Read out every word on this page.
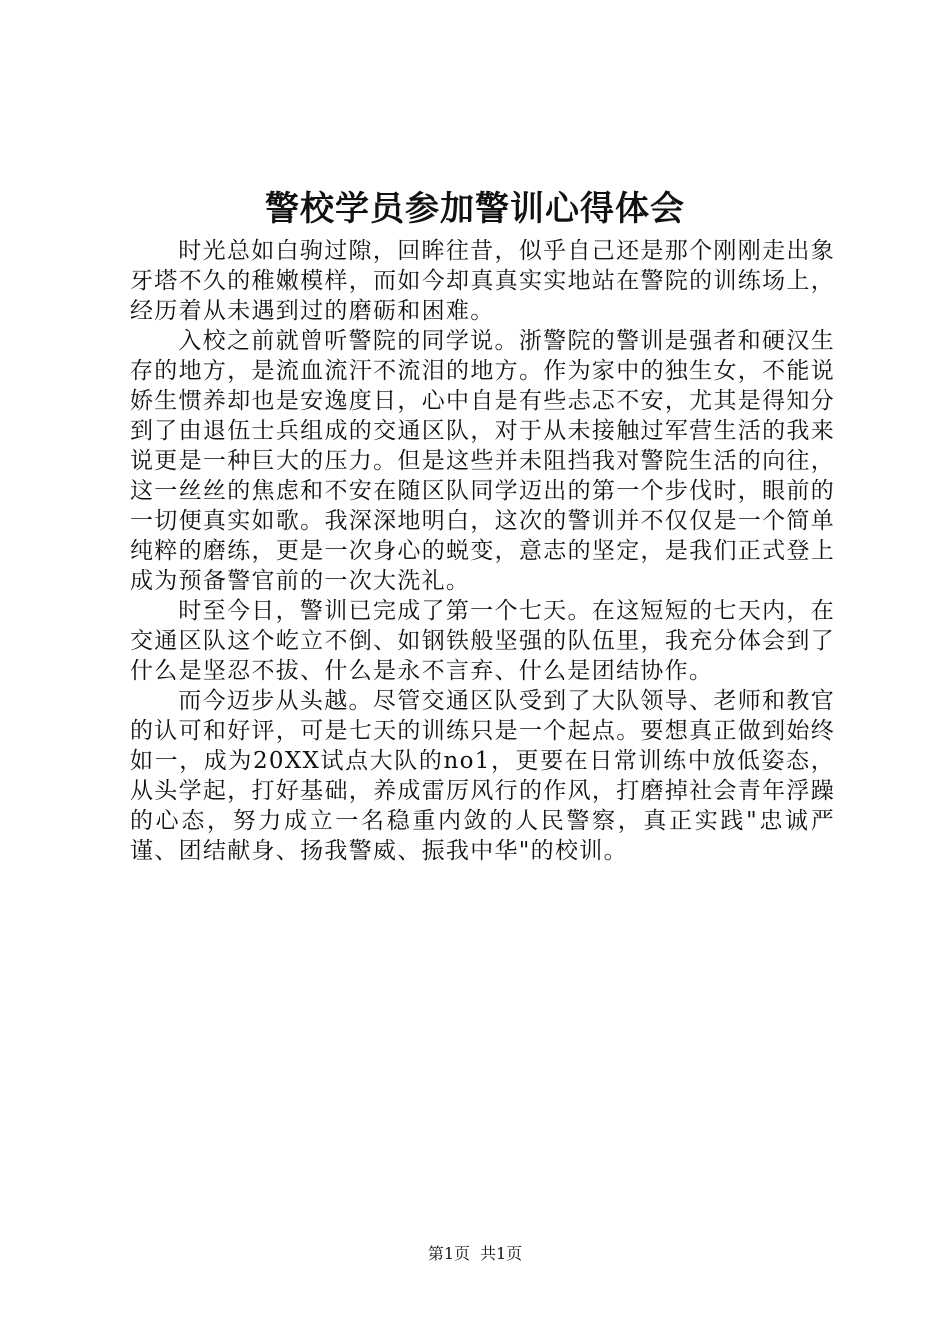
警校学员参加警训心得体会

时光总如白驹过隙，回眸往昔，似乎自己还是那个刚刚走出象牙塔不久的稚嫩模样，而如今却真真实实地站在警院的训练场上，经历着从未遇到过的磨砺和困难。

入校之前就曾听警院的同学说。浙警院的警训是强者和硬汉生存的地方，是流血流汗不流泪的地方。作为家中的独生女，不能说娇生惯养却也是安逸度日，心中自是有些忐忑不安，尤其是得知分到了由退伍士兵组成的交通区队，对于从未接触过军营生活的我来说更是一种巨大的压力。但是这些并未阻挡我对警院生活的向往，这一丝丝的焦虑和不安在随区队同学迈出的第一个步伐时，眼前的一切便真实如歌。我深深地明白，这次的警训并不仅仅是一个简单纯粹的磨练，更是一次身心的蜕变，意志的坚定，是我们正式登上成为预备警官前的一次大洗礼。

时至今日，警训已完成了第一个七天。在这短短的七天内，在交通区队这个屹立不倒、如钢铁般坚强的队伍里，我充分体会到了什么是坚忍不拔、什么是永不言弃、什么是团结协作。

而今迈步从头越。尽管交通区队受到了大队领导、老师和教官的认可和好评，可是七天的训练只是一个起点。要想真正做到始终如一，成为20XX试点大队的no1，更要在日常训练中放低姿态，从头学起，打好基础，养成雷厉风行的作风，打磨掉社会青年浮躁的心态，努力成立一名稳重内敛的人民警察，真正实践"忠诚严谨、团结献身、扬我警威、振我中华"的校训。

第1页 共1页
